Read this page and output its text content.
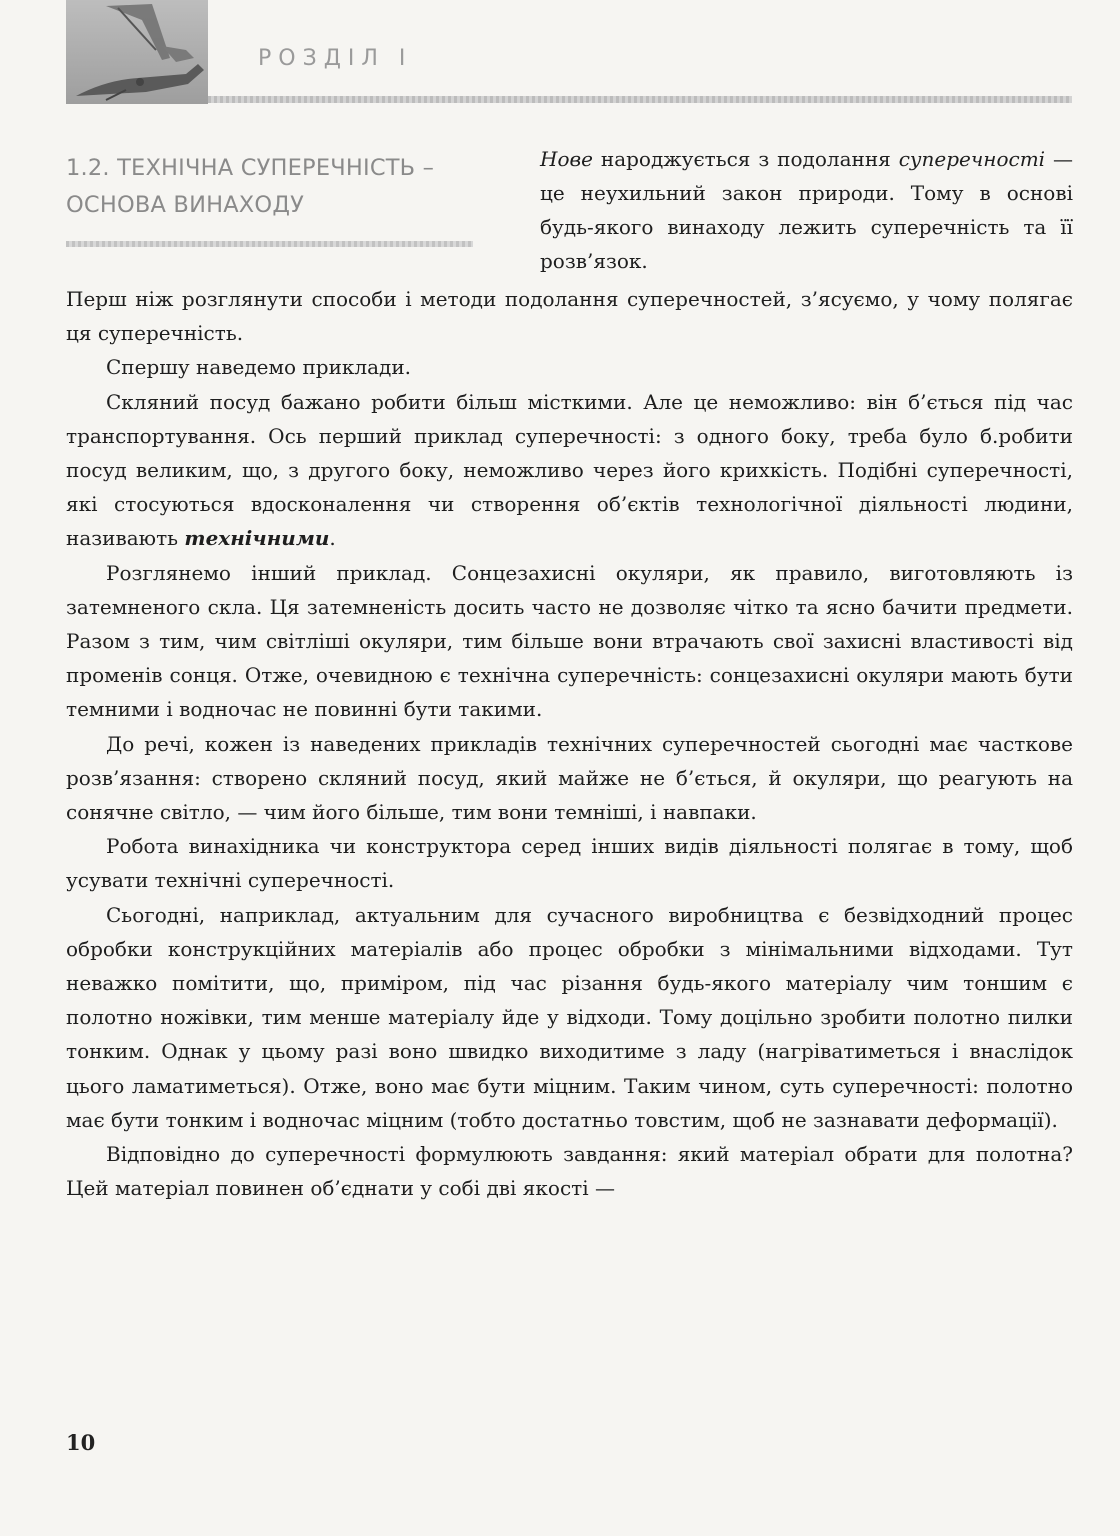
РОЗДІЛ І
1.2. ТЕХНІЧНА СУПЕРЕЧНІСТЬ –
ОСНОВА ВИНАХОДУ

Нове народжується з подолання суперечності — це неухильний закон природи. Тому в основі будь-якого винаходу лежить суперечність та її розв’язок.

Перш ніж розглянути способи і методи подолання суперечностей, з’ясуємо, у чому полягає ця суперечність.

Спершу наведемо приклади.

Скляний посуд бажано робити більш місткими. Але це неможливо: він б’ється під час транспортування. Ось перший приклад суперечності: з одного боку, треба було б.робити посуд великим, що, з другого боку, неможливо через його крихкість. Подібні суперечності, які стосуються вдосконалення чи створення об’єктів технологічної діяльності людини, називають технічними.

Розглянемо інший приклад. Сонцезахисні окуляри, як правило, виготовляють із затемненого скла. Ця затемненість досить часто не дозволяє чітко та ясно бачити предмети. Разом з тим, чим світліші окуляри, тим більше вони втрачають свої захисні властивості від променів сонця. Отже, очевидною є технічна суперечність: сонцезахисні окуляри мають бути темними і водночас не повинні бути такими.

До речі, кожен із наведених прикладів технічних суперечностей сьогодні має часткове розв’язання: створено скляний посуд, який майже не б’ється, й окуляри, що реагують на сонячне світло, — чим його більше, тим вони темніші, і навпаки.

Робота винахідника чи конструктора серед інших видів діяльності полягає в тому, щоб усувати технічні суперечності.

Сьогодні, наприклад, актуальним для сучасного виробництва є безвідходний процес обробки конструкційних матеріалів або процес обробки з мінімальними відходами. Тут неважко помітити, що, приміром, під час різання будь-якого матеріалу чим тоншим є полотно ножівки, тим менше матеріалу йде у відходи. Тому доцільно зробити полотно пилки тонким. Однак у цьому разі воно швидко виходитиме з ладу (нагріватиметься і внаслідок цього ламатиметься). Отже, воно має бути міцним. Таким чином, суть суперечності: полотно має бути тонким і водночас міцним (тобто достатньо товстим, щоб не зазнавати деформації).

Відповідно до суперечності формулюють завдання: який матеріал обрати для полотна? Цей матеріал повинен об’єднати у собі дві якості —

10
